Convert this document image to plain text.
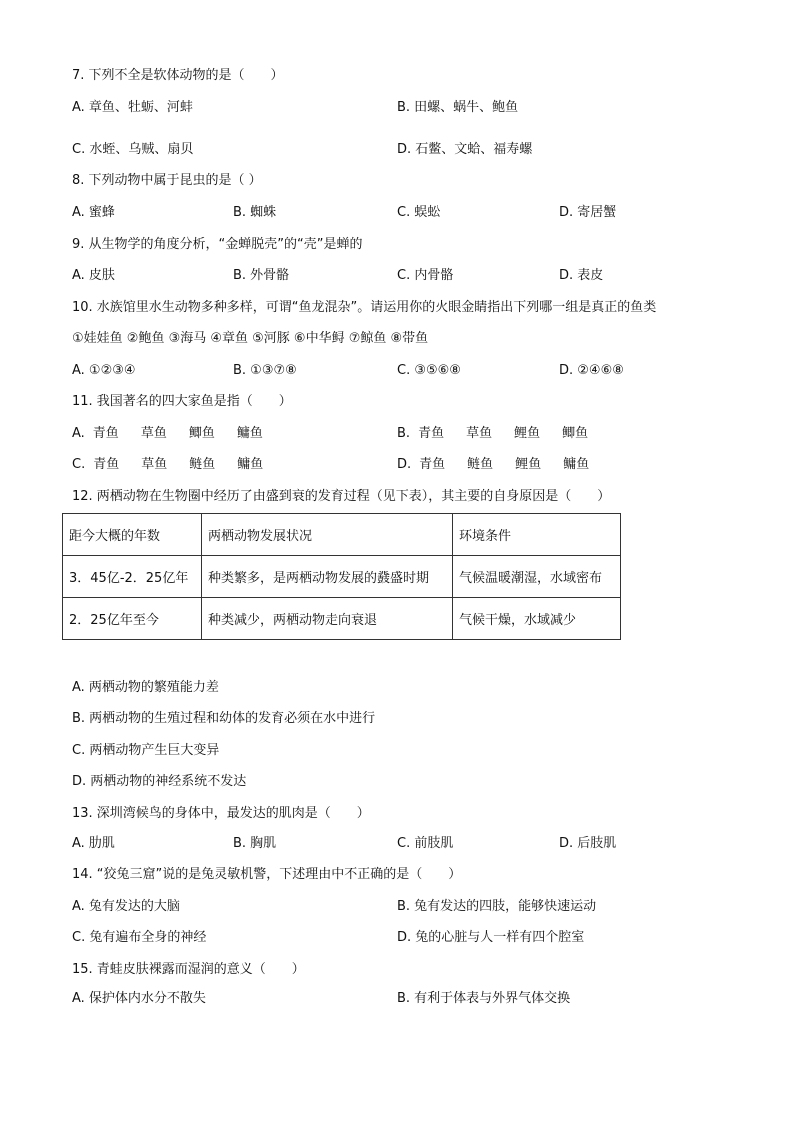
7. 下列不全是软体动物的是（　　）
A. 章鱼、牡蛎、河蚌	B. 田螺、蜗牛、鲍鱼
C. 水蛭、乌贼、扇贝	D. 石鳖、文蛤、福寿螺
8. 下列动物中属于昆虫的是（ ）
A. 蜜蜂	B. 蜘蛛	C. 蜈蚣	D. 寄居蟹
9. 从生物学的角度分析，“金蝉脱壳”的“壳”是蝉的
A. 皮肤	B. 外骨骼	C. 内骨骼	D. 表皮
10. 水族馆里水生动物多种多样，可谓“鱼龙混杂”。请运用你的火眼金睛指出下列哪一组是真正的鱼类
①娃娃鱼 ②鲍鱼 ③海马 ④章鱼 ⑤河豚 ⑥中华鲟 ⑦鲸鱼 ⑧带鱼
A. ①②③④	B. ①③⑦⑧	C. ③⑤⑥⑧	D. ②④⑥⑧
11. 我国著名的四大家鱼是指（　　）
A. 青鱼 草鱼 鲫鱼 鳙鱼	B. 青鱼 草鱼 鲤鱼 鲫鱼
C. 青鱼 草鱼 鲢鱼 鳙鱼	D. 青鱼 鲢鱼 鲤鱼 鳙鱼
12. 两栖动物在生物圈中经历了由盛到衰的发育过程（见下表），其主要的自身原因是（　　）
距今大概的年数	两栖动物发展状况	环境条件
3．45亿-2．25亿年	种类繁多，是两栖动物发展的鼗盛时期	气候温暖潮湿，水域密布
2．25亿年至今	种类减少，两栖动物走向衰退	气候干燥，水域减少
A. 两栖动物的繁殖能力差
B. 两栖动物的生殖过程和幼体的发育必须在水中进行
C. 两栖动物产生巨大变异
D. 两栖动物的神经系统不发达
13. 深圳湾候鸟的身体中，最发达的肌肉是（　　）
A. 肋肌	B. 胸肌	C. 前肢肌	D. 后肢肌
14. “狡兔三窟”说的是兔灵敏机警，下述理由中不正确的是（　　）
A. 兔有发达的大脑	B. 兔有发达的四肢，能够快速运动
C. 兔有遍布全身的神经	D. 兔的心脏与人一样有四个腔室
15. 青蛙皮肤裸露而湿润的意义（　　）
A. 保护体内水分不散失	B. 有利于体表与外界气体交换
